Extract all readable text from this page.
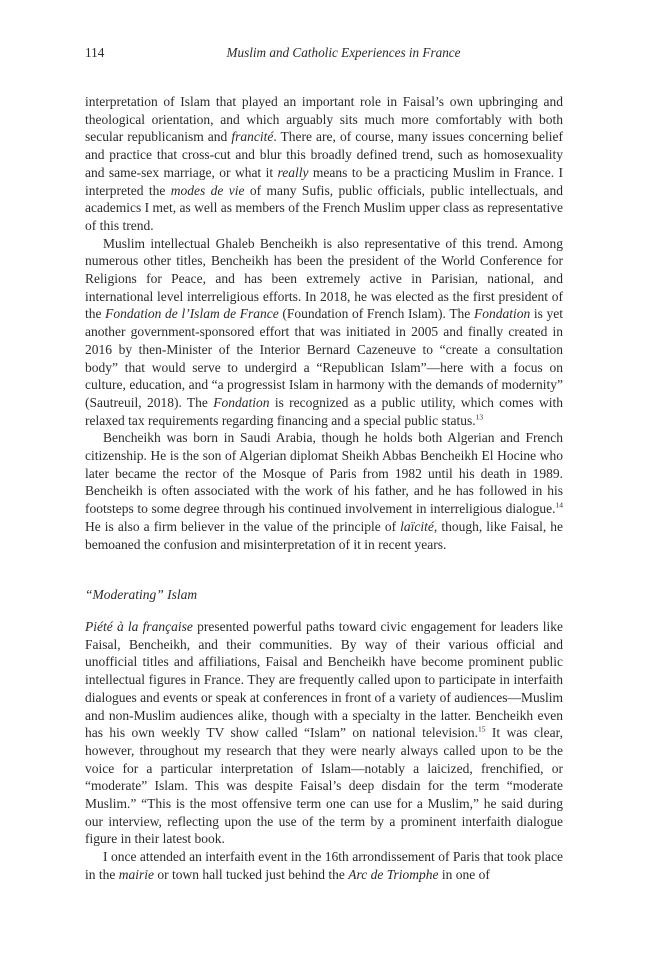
114	Muslim and Catholic Experiences in France

interpretation of Islam that played an important role in Faisal’s own upbringing and theological orientation, and which arguably sits much more comfortably with both secular republicanism and francité. There are, of course, many issues concerning belief and practice that cross-cut and blur this broadly defined trend, such as homosexuality and same-sex marriage, or what it really means to be a practicing Muslim in France. I interpreted the modes de vie of many Sufis, public officials, public intellectuals, and academics I met, as well as members of the French Muslim upper class as representative of this trend.

Muslim intellectual Ghaleb Bencheikh is also representative of this trend. Among numerous other titles, Bencheikh has been the president of the World Conference for Religions for Peace, and has been extremely active in Parisian, national, and international level interreligious efforts. In 2018, he was elected as the first president of the Fondation de l’Islam de France (Foundation of French Islam). The Fondation is yet another government-sponsored effort that was initiated in 2005 and finally created in 2016 by then-Minister of the Interior Bernard Cazeneuve to “create a consultation body” that would serve to undergird a “Republican Islam”—here with a focus on culture, education, and “a progressist Islam in harmony with the demands of modernity” (Sautreuil, 2018). The Fondation is recognized as a public utility, which comes with relaxed tax requirements regarding financing and a special public status.$^{13}$

Bencheikh was born in Saudi Arabia, though he holds both Algerian and French citizenship. He is the son of Algerian diplomat Sheikh Abbas Bencheikh El Hocine who later became the rector of the Mosque of Paris from 1982 until his death in 1989. Bencheikh is often associated with the work of his father, and he has followed in his footsteps to some degree through his continued involvement in interreligious dialogue.$^{14}$ He is also a firm believer in the value of the principle of laïcité, though, like Faisal, he bemoaned the confusion and misinterpretation of it in recent years.

“Moderating” Islam

Piété à la française presented powerful paths toward civic engagement for leaders like Faisal, Bencheikh, and their communities. By way of their various official and unofficial titles and affiliations, Faisal and Bencheikh have become prominent public intellectual figures in France. They are frequently called upon to participate in interfaith dialogues and events or speak at conferences in front of a variety of audiences—Muslim and non-Muslim audiences alike, though with a specialty in the latter. Bencheikh even has his own weekly TV show called “Islam” on national television.$^{15}$ It was clear, however, throughout my research that they were nearly always called upon to be the voice for a particular interpretation of Islam—notably a laicized, frenchified, or “moderate” Islam. This was despite Faisal’s deep disdain for the term “moderate Muslim.” “This is the most offensive term one can use for a Muslim,” he said during our interview, reflecting upon the use of the term by a prominent interfaith dialogue figure in their latest book.

I once attended an interfaith event in the 16th arrondissement of Paris that took place in the mairie or town hall tucked just behind the Arc de Triomphe in one of
